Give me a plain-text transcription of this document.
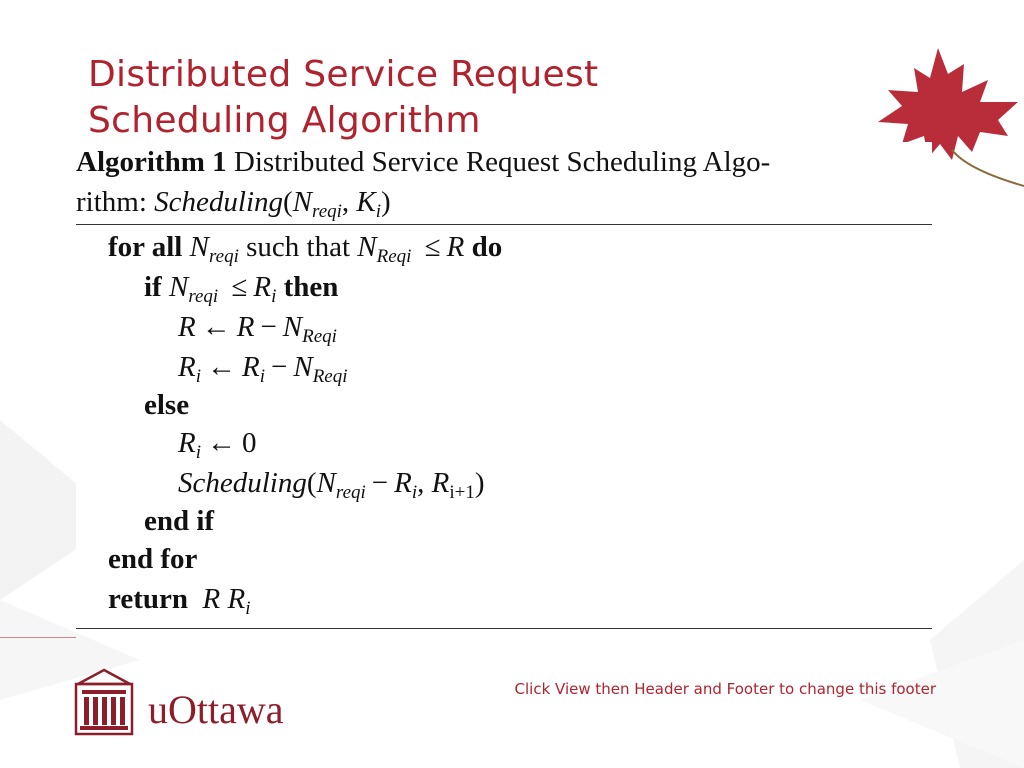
Distributed Service Request
Scheduling Algorithm
Algorithm 1 Distributed Service Request Scheduling Algo-
rithm: $Scheduling(N_{reqi}$, $K_i$)
for all $N_{reqi}$ such that $N_{Reqi} \le R$ do
if $N_{reqi} \le R_i$ then
R ← $R - N_{Reqi}$
$R_i$ ← $R_i - N_{Reqi}$
else
$R_i$ ← 0
$Scheduling(N_{reqi} - R_i$, $R_{i+1}$)
end if
end for
return R $R_i$
uOttawa	Click View then Header and Footer to change this footer
